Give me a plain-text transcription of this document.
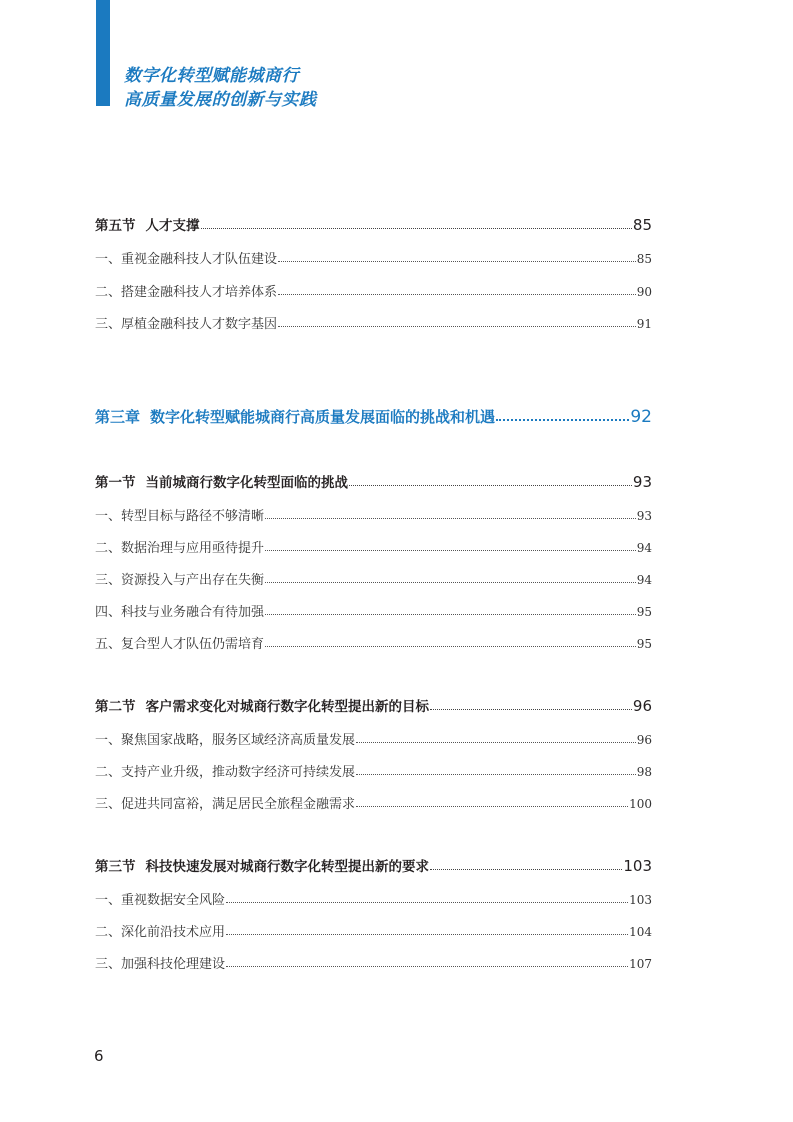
数字化转型赋能城商行
高质量发展的创新与实践
第五节 人才支撑	85
一、重视金融科技人才队伍建设	85
二、搭建金融科技人才培养体系	90
三、厚植金融科技人才数字基因	91
第三章 数字化转型赋能城商行高质量发展面临的挑战和机遇	92
第一节 当前城商行数字化转型面临的挑战	93
一、转型目标与路径不够清晰	93
二、数据治理与应用亟待提升	94
三、资源投入与产出存在失衡	94
四、科技与业务融合有待加强	95
五、复合型人才队伍仍需培育	95
第二节 客户需求变化对城商行数字化转型提出新的目标	96
一、聚焦国家战略，服务区域经济高质量发展	96
二、支持产业升级，推动数字经济可持续发展	98
三、促进共同富裕，满足居民全旅程金融需求	100
第三节 科技快速发展对城商行数字化转型提出新的要求	103
一、重视数据安全风险	103
二、深化前沿技术应用	104
三、加强科技伦理建设	107
6
